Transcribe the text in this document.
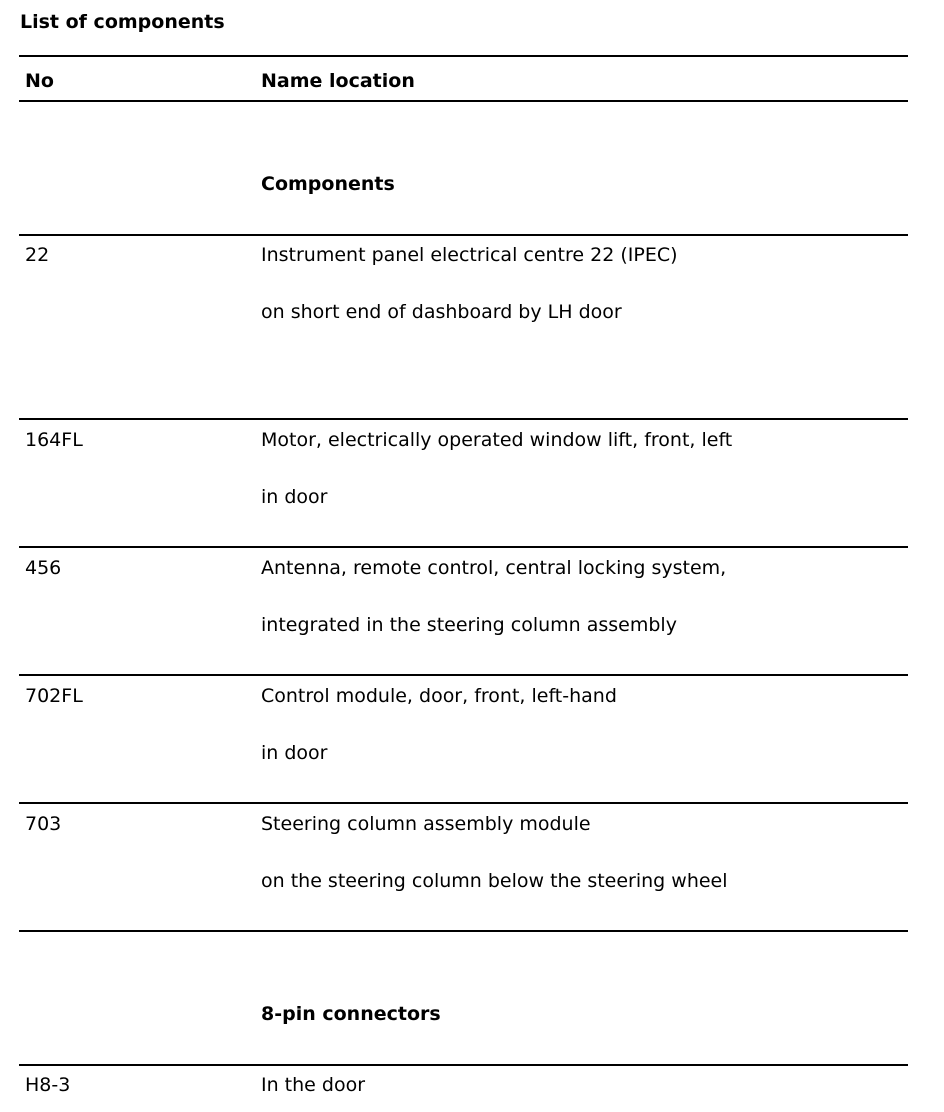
List of components
No	Name location
Components
22	Instrument panel electrical centre 22 (IPEC)
on short end of dashboard by LH door
164FL	Motor, electrically operated window lift, front, left
in door
456	Antenna, remote control, central locking system,
integrated in the steering column assembly
702FL	Control module, door, front, left-hand
in door
703	Steering column assembly module
on the steering column below the steering wheel
8-pin connectors
H8-3	In the door
